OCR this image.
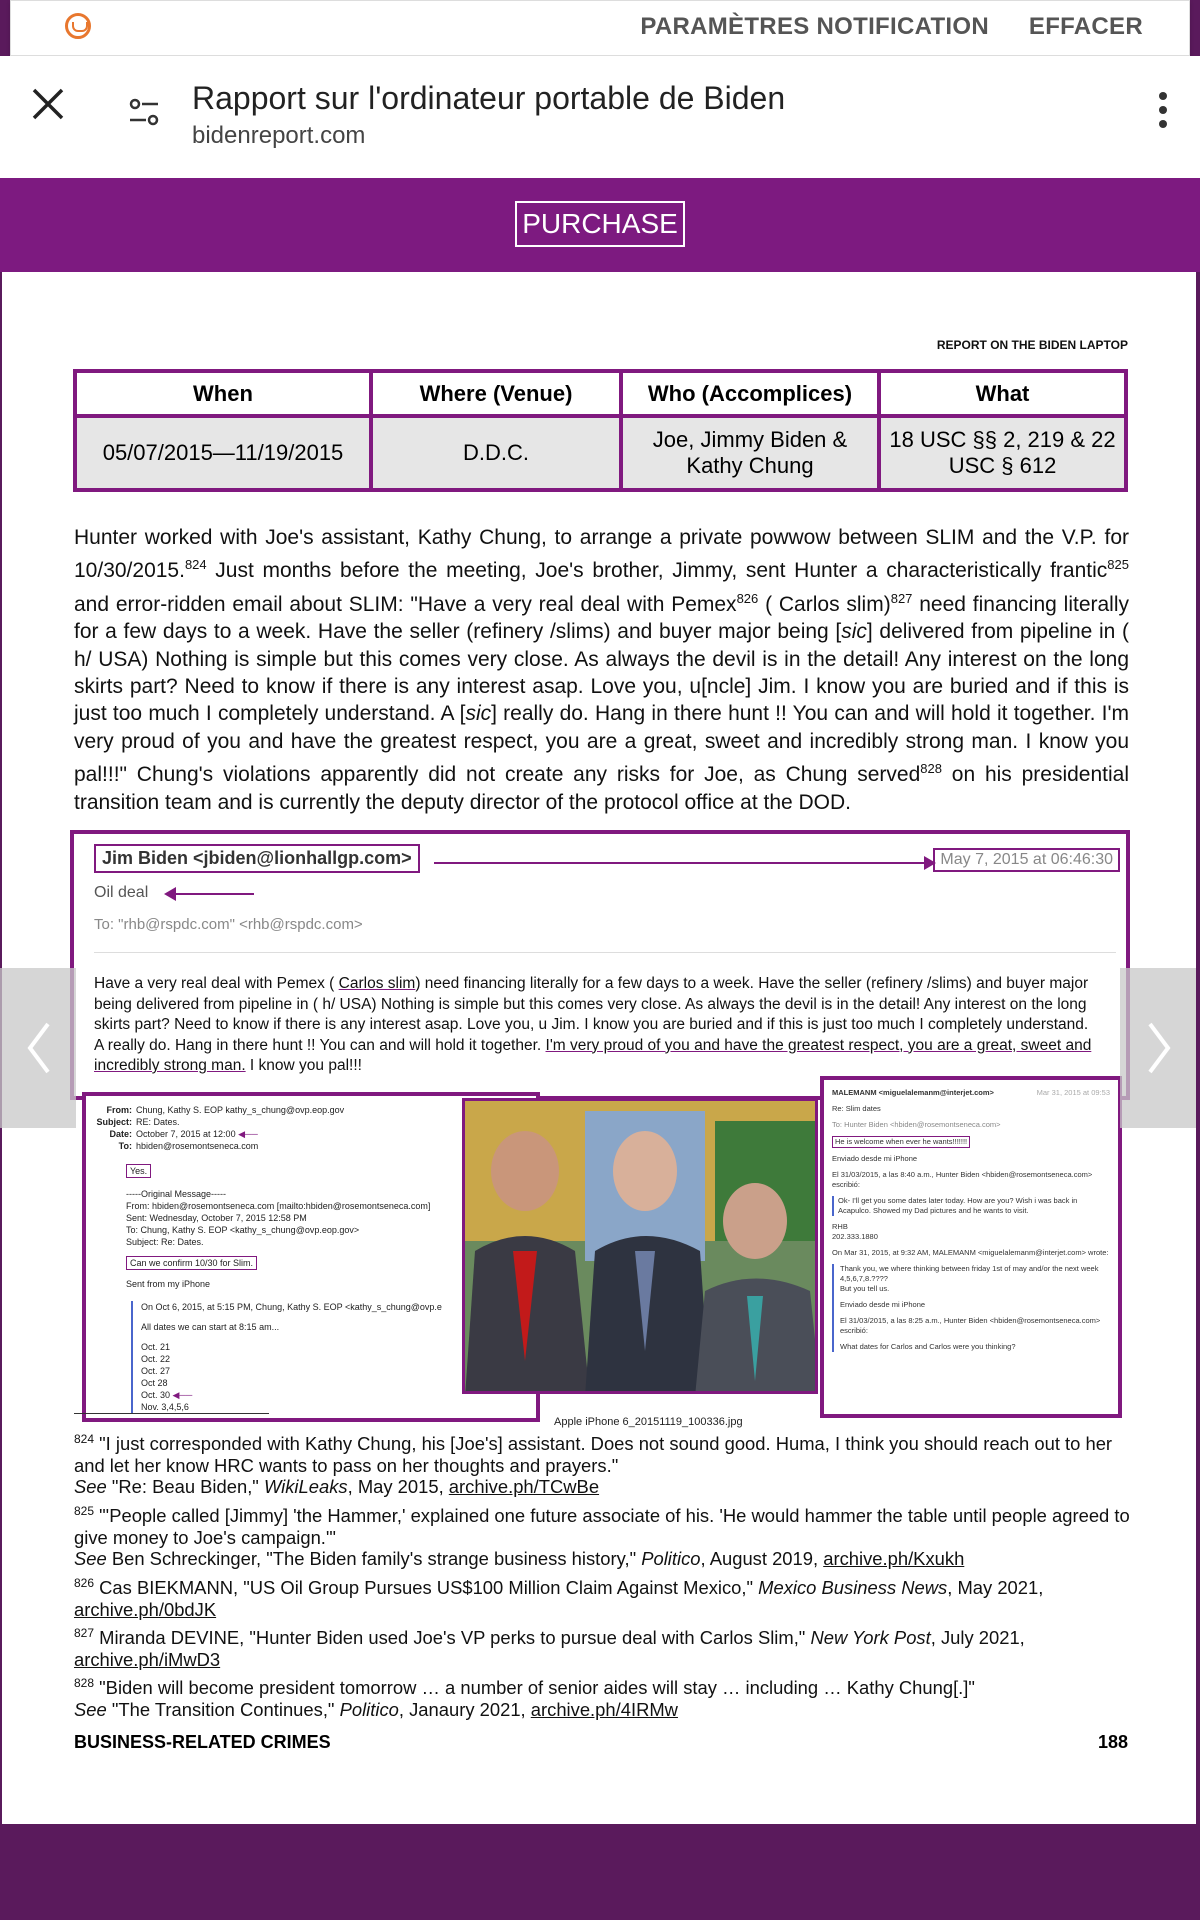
PARAMÈTRES NOTIFICATION EFFACER
Rapport sur l'ordinateur portable de Biden
bidenreport.com
PURCHASE
REPORT ON THE BIDEN LAPTOP
When	Where (Venue)	Who (Accomplices)	What
05/07/2015—11/19/2015	D.D.C.	Joe, Jimmy Biden & Kathy Chung	18 USC §§ 2, 219 & 22 USC § 612

Hunter worked with Joe's assistant, Kathy Chung, to arrange a private powwow between SLIM and the V.P. for 10/30/2015.$^{824}$ Just months before the meeting, Joe's brother, Jimmy, sent Hunter a characteristically frantic$^{825}$ and error-ridden email about SLIM: "Have a very real deal with Pemex$^{826}$ ( Carlos slim)$^{827}$ need financing literally for a few days to a week. Have the seller (refinery /slims) and buyer major being [sic] delivered from pipeline in ( h/ USA) Nothing is simple but this comes very close. As always the devil is in the detail! Any interest on the long skirts part? Need to know if there is any interest asap. Love you, u[ncle] Jim. I know you are buried and if this is just too much I completely understand. A [sic] really do. Hang in there hunt !! You can and will hold it together. I'm very proud of you and have the greatest respect, you are a great, sweet and incredibly strong man. I know you pal!!!" Chung's violations apparently did not create any risks for Joe, as Chung served$^{828}$ on his presidential transition team and is currently the deputy director of the protocol office at the DOD.

Jim Biden <jbiden@lionhallgp.com>	May 7, 2015 at 06:46:30
Oil deal
To: "rhb@rspdc.com" <rhb@rspdc.com>
Have a very real deal with Pemex ( Carlos slim) need financing literally for a few days to a week. Have the seller (refinery /slims) and buyer major being delivered from pipeline in ( h/ USA) Nothing is simple but this comes very close. As always the devil is in the detail! Any interest on the long skirts part? Need to know if there is any interest asap. Love you, u Jim. I know you are buried and if this is just too much I completely understand. A really do. Hang in there hunt !! You can and will hold it together. I'm very proud of you and have the greatest respect, you are a great, sweet and incredibly strong man. I know you pal!!!
From: Chung, Kathy S. EOP kathy_s_chung@ovp.eop.gov
Subject: RE: Dates.
Date: October 7, 2015 at 12:00 ◀──
To: hbiden@rosemontseneca.com
Yes.
-----Original Message-----
From: hbiden@rosemontseneca.com [mailto:hbiden@rosemontseneca.com]
Sent: Wednesday, October 7, 2015 12:58 PM
To: Chung, Kathy S. EOP <kathy_s_chung@ovp.eop.gov>
Subject: Re: Dates.
Can we confirm 10/30 for Slim.
Sent from my iPhone
On Oct 6, 2015, at 5:15 PM, Chung, Kathy S. EOP <kathy_s_chung@ovp.e
All dates we can start at 8:15 am...
Oct. 21
Oct. 22
Oct. 27
Oct 28
Oct. 30 ◀──
Nov. 3,4,5,6
Apple iPhone 6_20151119_100336.jpg

MALEMANM <miguelalemanm@interjet.com>	Mar 31, 2015 at 09:53

Re: Slim dates

To: Hunter Biden <hbiden@rosemontseneca.com>

He is welcome when ever he wants!!!!!!!

Enviado desde mi iPhone

El 31/03/2015, a las 8:40 a.m., Hunter Biden <hbiden@rosemontseneca.com> escribió:

Ok- I'll get you some dates later today. How are you? Wish i was back in Acapulco. Showed my Dad pictures and he wants to visit.

RHB

202.333.1880

On Mar 31, 2015, at 9:32 AM, MALEMANM <miguelalemanm@interjet.com> wrote:

Thank you, we where thinking between friday 1st of may and/or the next week 4,5,6,7,8.????

But you tell us.

Enviado desde mi iPhone

El 31/03/2015, a las 8:25 a.m., Hunter Biden <hbiden@rosemontseneca.com> escribió:

What dates for Carlos and Carlos were you thinking?

$^{824}$ "I just corresponded with Kathy Chung, his [Joe's] assistant. Does not sound good. Huma, I think you should reach out to her and let her know HRC wants to pass on her thoughts and prayers."
See "Re: Beau Biden," WikiLeaks, May 2015, archive.ph/TCwBe
$^{825}$ "'People called [Jimmy] 'the Hammer,' explained one future associate of his. 'He would hammer the table until people agreed to give money to Joe's campaign.'"
See Ben Schreckinger, "The Biden family's strange business history," Politico, August 2019, archive.ph/Kxukh
$^{826}$ Cas BIEKMANN, "US Oil Group Pursues US$100 Million Claim Against Mexico," Mexico Business News, May 2021, archive.ph/0bdJK
$^{827}$ Miranda DEVINE, "Hunter Biden used Joe's VP perks to pursue deal with Carlos Slim," New York Post, July 2021, archive.ph/iMwD3
$^{828}$ "Biden will become president tomorrow … a number of senior aides will stay … including … Kathy Chung[.]"
See "The Transition Continues," Politico, Janaury 2021, archive.ph/4IRMw
BUSINESS-RELATED CRIMES	188
